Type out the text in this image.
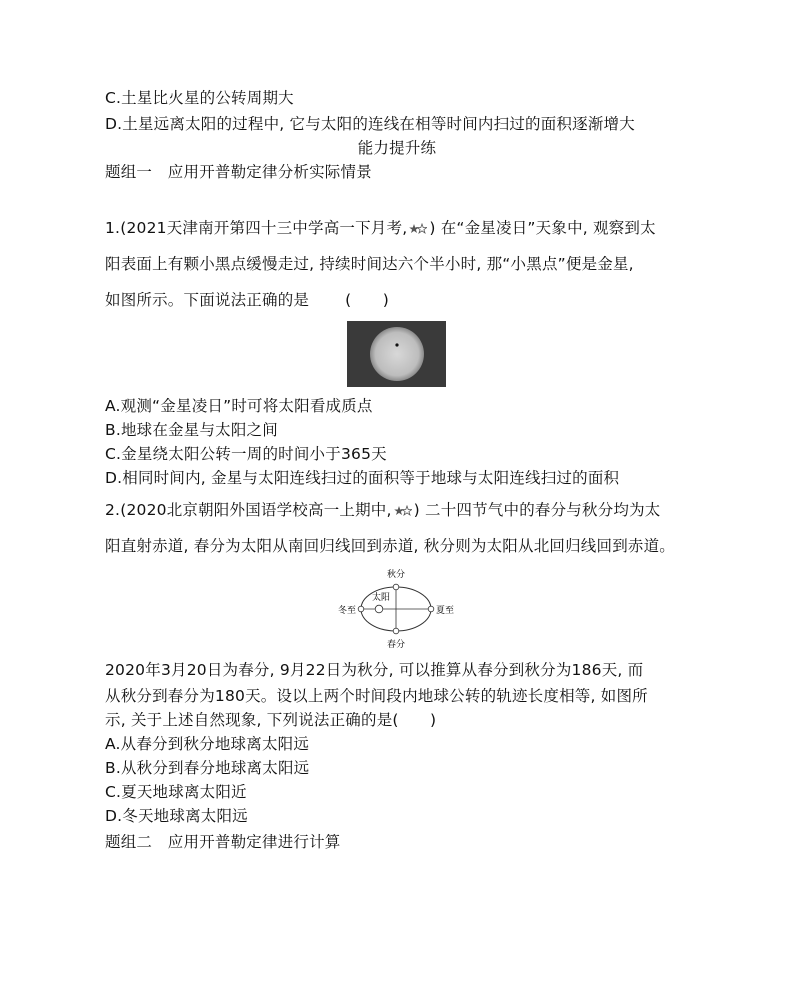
C.土星比火星的公转周期大
D.土星远离太阳的过程中, 它与太阳的连线在相等时间内扫过的面积逐渐增大
能力提升练
题组一　应用开普勒定律分析实际情景
1.(2021天津南开第四十三中学高一下月考, ) 在“金星凌日”天象中, 观察到太
阳表面上有颗小黑点缓慢走过, 持续时间达六个半小时, 那“小黑点”便是金星,
如图所示。下面说法正确的是 (　　)
A.观测“金星凌日”时可将太阳看成质点
B.地球在金星与太阳之间
C.金星绕太阳公转一周的时间小于365天
D.相同时间内, 金星与太阳连线扫过的面积等于地球与太阳连线扫过的面积
2.(2020北京朝阳外国语学校高一上期中, ) 二十四节气中的春分与秋分均为太
阳直射赤道, 春分为太阳从南回归线回到赤道, 秋分则为太阳从北回归线回到赤道。
秋分
春分
冬至	夏至
太阳
2020年3月20日为春分, 9月22日为秋分, 可以推算从春分到秋分为186天, 而
从秋分到春分为180天。设以上两个时间段内地球公转的轨迹长度相等, 如图所
示, 关于上述自然现象, 下列说法正确的是(　　)
A.从春分到秋分地球离太阳远
B.从秋分到春分地球离太阳远
C.夏天地球离太阳近
D.冬天地球离太阳远
题组二　应用开普勒定律进行计算
